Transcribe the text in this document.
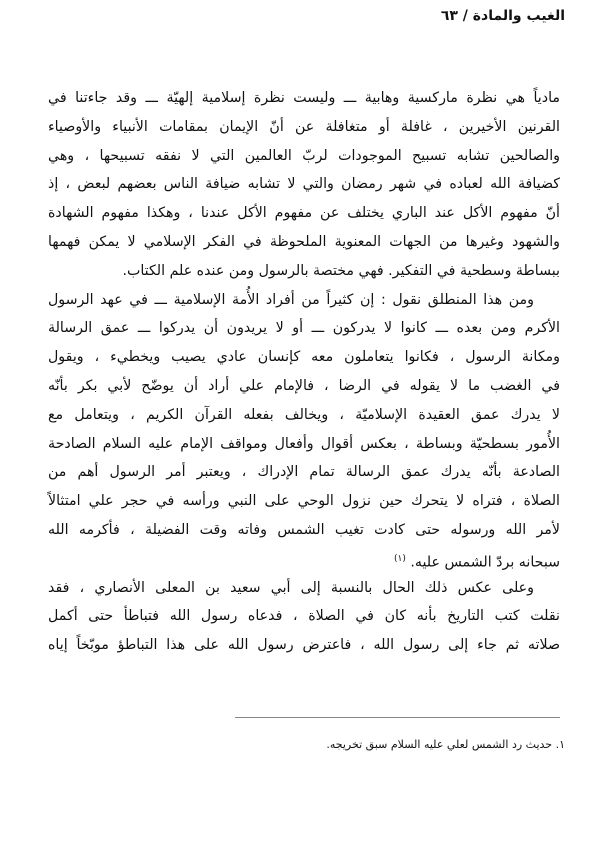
الغيب والمادة / ٦٣
مادياً هي نظرة ماركسية وهابية ـــ وليست نظرة إسلامية إلهيّة ـــ وقد جاءتنا في
القرنين الأخيرين ، غافلة أو متغافلة عن أنّ الإيمان بمقامات الأنبياء والأوصياء
والصالحين تشابه تسبيح الموجودات لربّ العالمين التي لا نفقه تسبيحها ، وهي
كضيافة الله لعباده في شهر رمضان والتي لا تشابه ضيافة الناس بعضهم لبعض ، إذ
أنّ مفهوم الأكل عند الباري يختلف عن مفهوم الأكل عندنا ، وهكذا مفهوم الشهادة
والشهود وغيرها من الجهات المعنوية الملحوظة في الفكر الإسلامي لا يمكن فهمها
ببساطة وسطحية في التفكير. فهي مختصة بالرسول ومن عنده علم الكتاب.
ومن هذا المنطلق نقول : إن كثيراً من أفراد الأُمة الإسلامية ـــ في عهد الرسول
الأكرم ومن بعده ـــ كانوا لا يدركون ـــ أو لا يريدون أن يدركوا ـــ عمق الرسالة
ومكانة الرسول ، فكانوا يتعاملون معه كإنسان عادي يصيب ويخطيء ، ويقول
في الغضب ما لا يقوله في الرضا ، فالإمام علي أراد أن يوضّح لأبي بكر بأنّه
لا يدرك عمق العقيدة الإسلاميّة ، ويخالف بفعله القرآن الكريم ، ويتعامل مع
الأُمور بسطحيّة وبساطة ، بعكس أقوال وأفعال ومواقف الإمام عليه السلام الصادحة
الصادعة بأنّه يدرك عمق الرسالة تمام الإدراك ، ويعتبر أمر الرسول أهم من
الصلاة ، فتراه لا يتحرك حين نزول الوحي على النبي ورأسه في حجر علي امتثالاً
لأمر الله ورسوله حتى كادت تغيب الشمس وفاته وقت الفضيلة ، فأكرمه الله
سبحانه بردّ الشمس عليه. $^{(١)}$
وعلى عكس ذلك الحال بالنسبة إلى أبي سعيد بن المعلى الأنصاري ، فقد
نقلت كتب التاريخ بأنه كان في الصلاة ، فدعاه رسول الله فتباطأ حتى أكمل
صلاته ثم جاء إلى رسول الله ، فاعترض رسول الله على هذا التباطؤ موبّخاً إياه
١. حديث رد الشمس لعلي عليه السلام سبق تخريجه.
